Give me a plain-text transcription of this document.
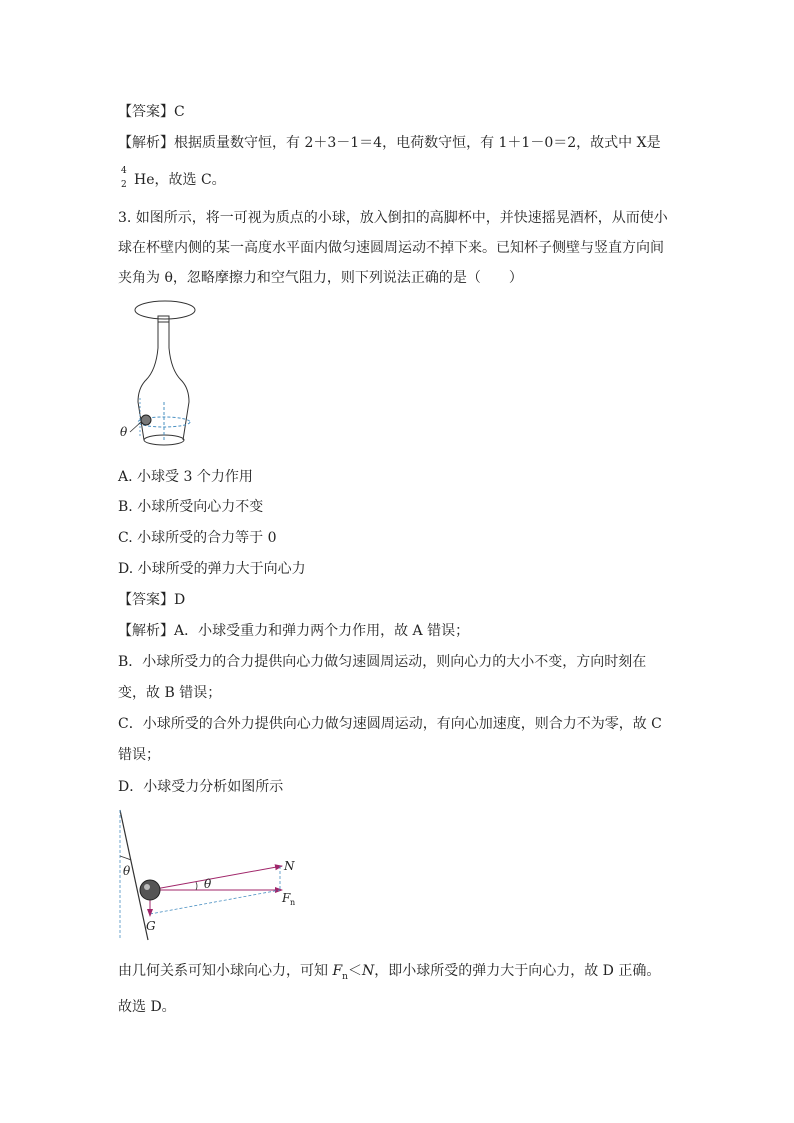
【答案】C
【解析】根据质量数守恒，有 2＋3－1＝4，电荷数守恒，有 1＋1－0＝2，故式中 X是
4
2 He，故选 C。
3. 如图所示，将一可视为质点的小球，放入倒扣的高脚杯中，并快速摇晃酒杯，从而使小
球在杯壁内侧的某一高度水平面内做匀速圆周运动不掉下来。已知杯子侧壁与竖直方向间
夹角为 θ，忽略摩擦力和空气阻力，则下列说法正确的是（　　）
θ
A. 小球受 3 个力作用
B. 小球所受向心力不变
C. 小球所受的合力等于 0
D. 小球所受的弹力大于向心力
【答案】D
【解析】A．小球受重力和弹力两个力作用，故 A 错误；
B．小球所受力的合力提供向心力做匀速圆周运动，则向心力的大小不变，方向时刻在
变，故 B 错误；
C．小球所受的合外力提供向心力做匀速圆周运动，有向心加速度，则合力不为零，故 C
错误；
D．小球受力分析如图所示
θ
θ
N
F n
G
由几何关系可知小球向心力，可知 $F_n<N$，即小球所受的弹力大于向心力，故 D 正确。
故选 D。
